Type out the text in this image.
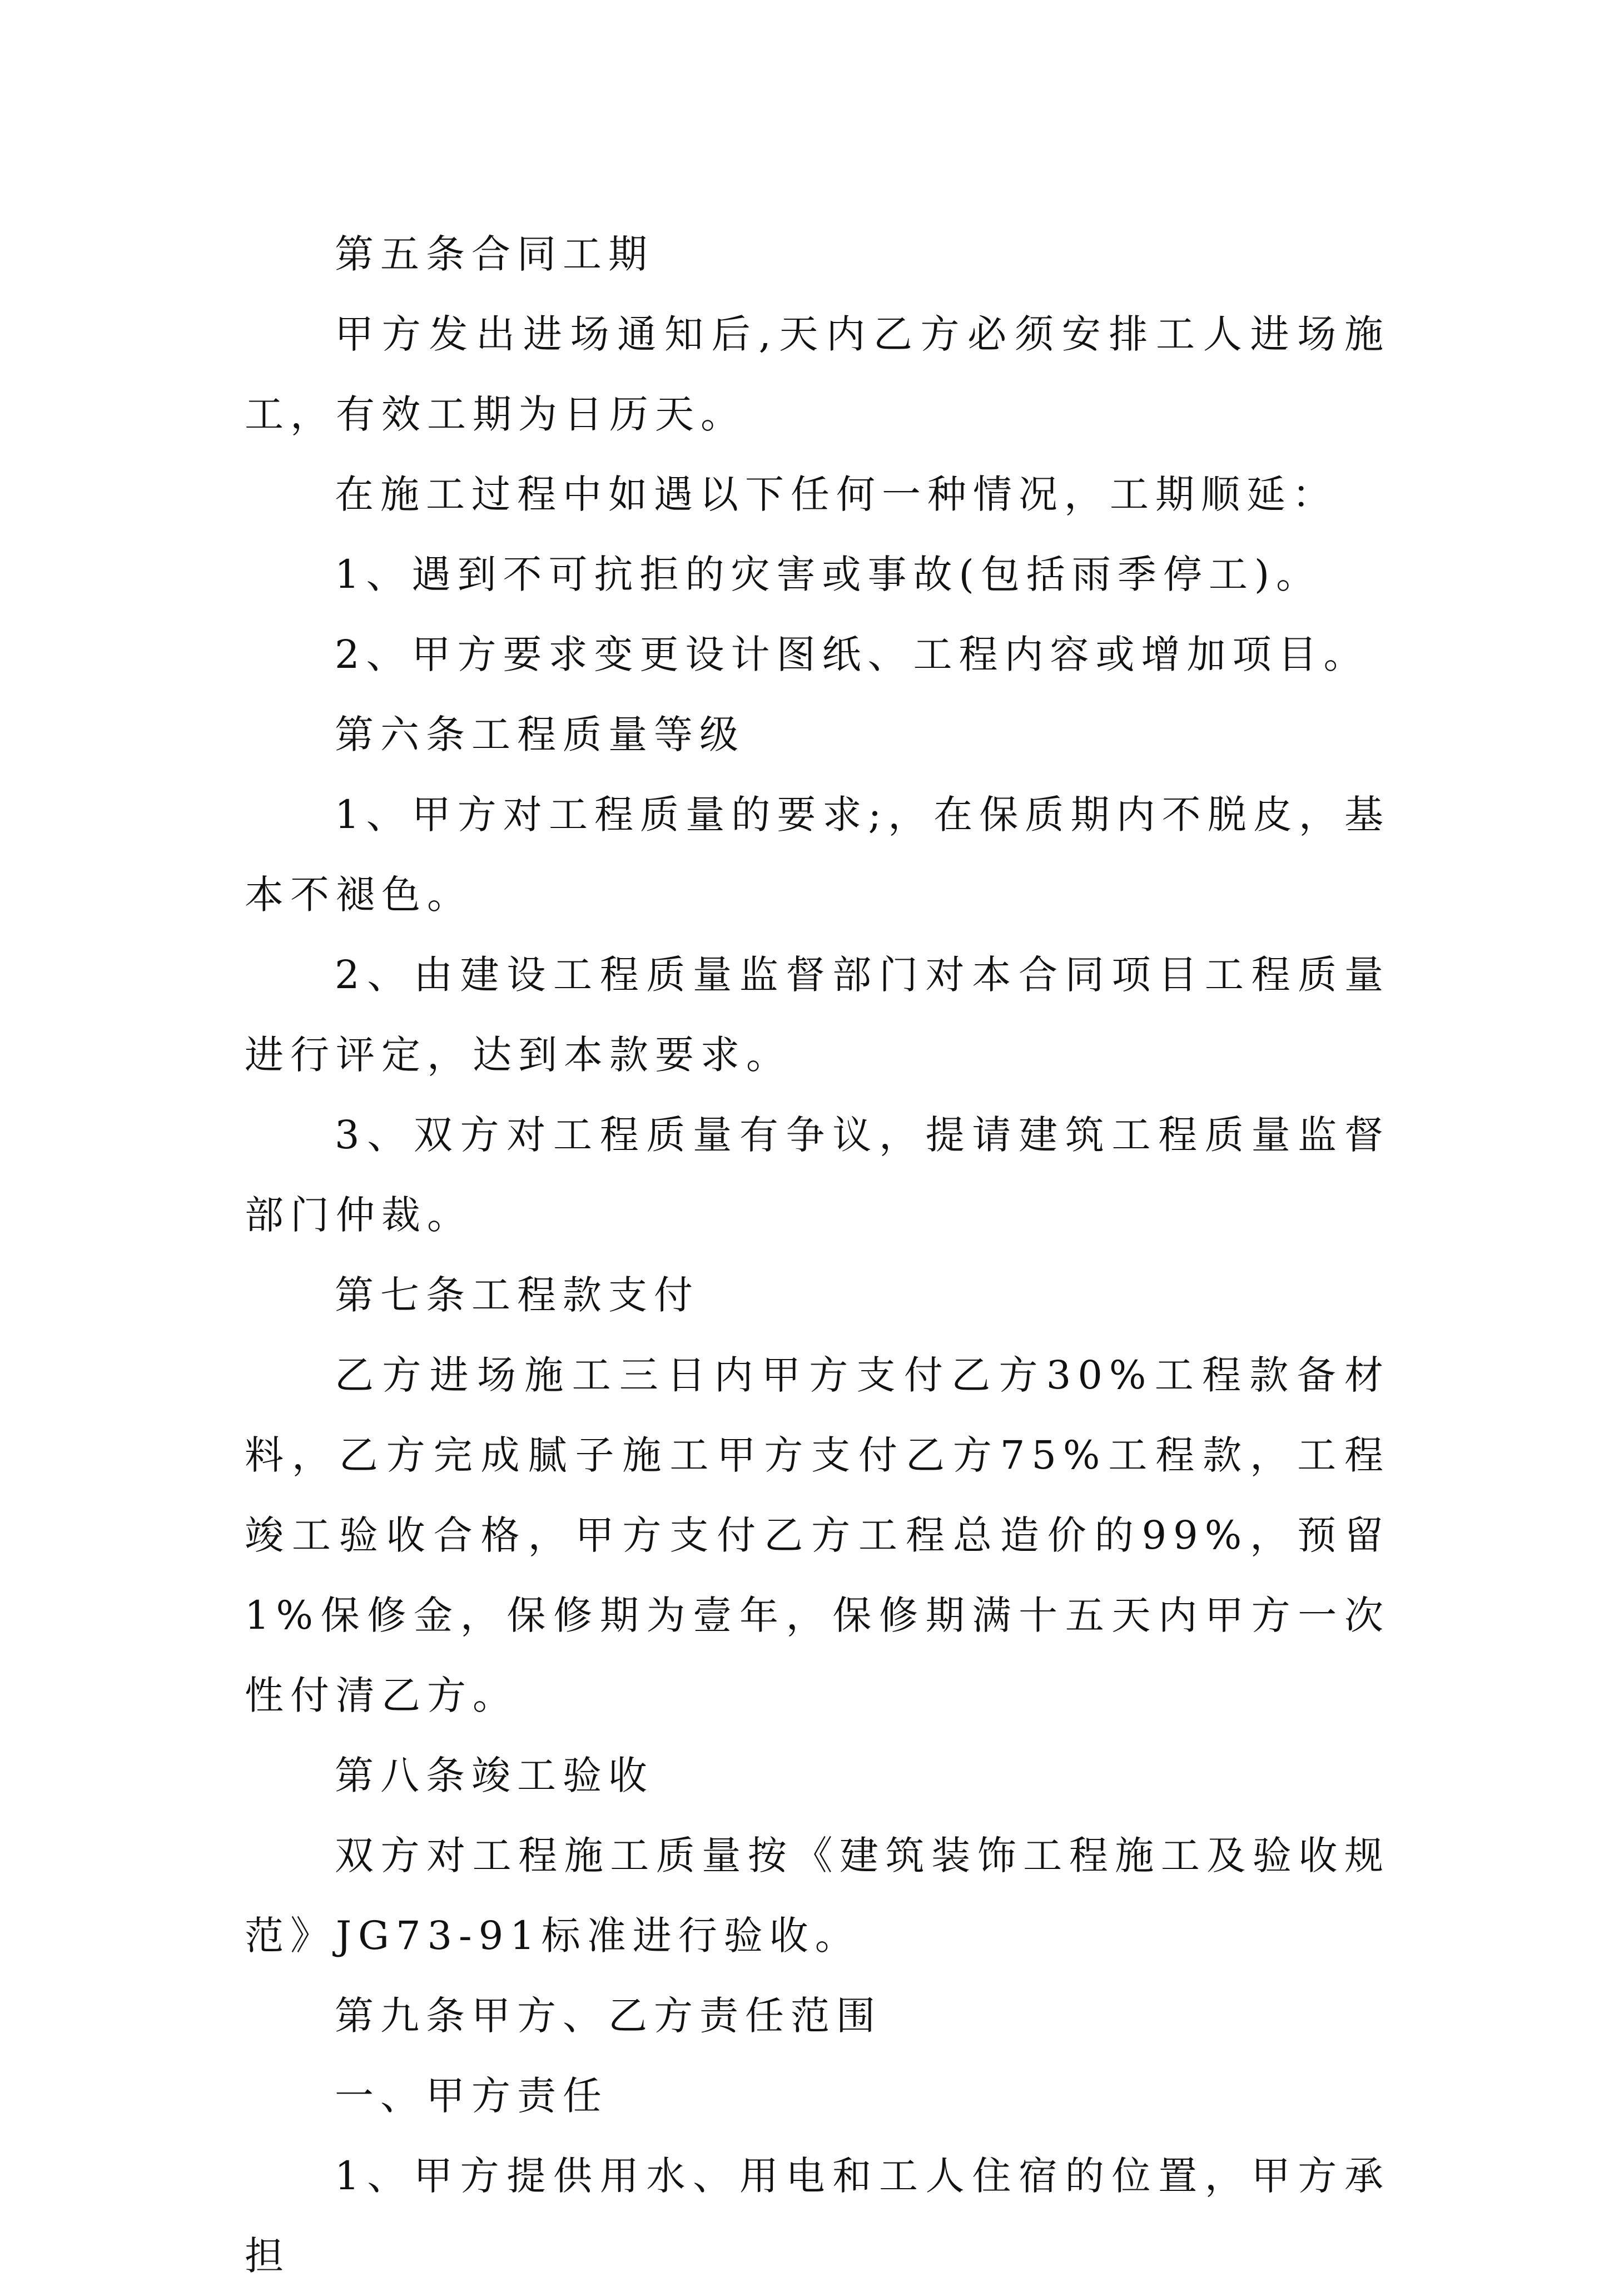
第五条合同工期

甲方发出进场通知后,天内乙方必须安排工人进场施工，有效工期为日历天。

在施工过程中如遇以下任何一种情况，工期顺延：

1、遇到不可抗拒的灾害或事故(包括雨季停工)。

2、甲方要求变更设计图纸、工程内容或增加项目。

第六条工程质量等级

1、甲方对工程质量的要求;，在保质期内不脱皮，基本不褪色。

2、由建设工程质量监督部门对本合同项目工程质量进行评定，达到本款要求。

3、双方对工程质量有争议，提请建筑工程质量监督部门仲裁。

第七条工程款支付

乙方进场施工三日内甲方支付乙方30%工程款备材料，乙方完成腻子施工甲方支付乙方75%工程款，工程竣工验收合格，甲方支付乙方工程总造价的99%，预留1%保修金，保修期为壹年，保修期满十五天内甲方一次性付清乙方。

第八条竣工验收

双方对工程施工质量按《建筑装饰工程施工及验收规范》JG73-91标准进行验收。

第九条甲方、乙方责任范围

一、甲方责任

1、甲方提供用水、用电和工人住宿的位置，甲方承担
